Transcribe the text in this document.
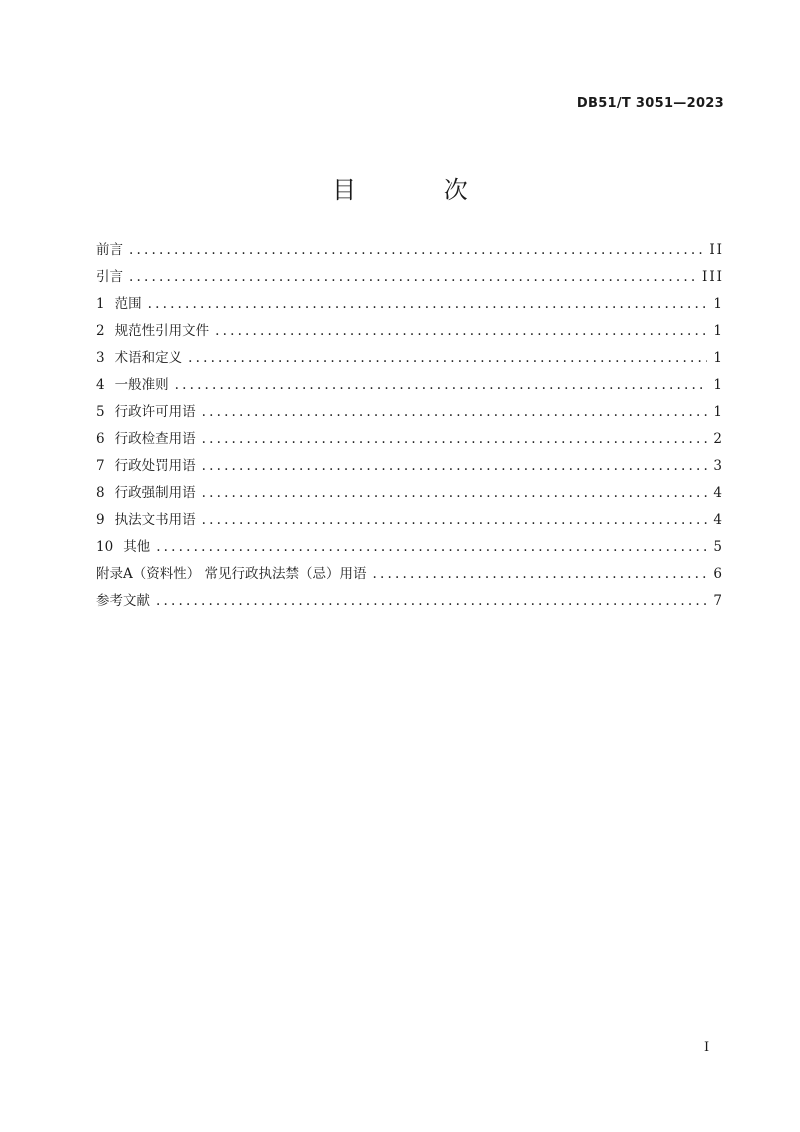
DB51/T 3051—2023
目 次
前言 .....	II
引言 .....	III
1 范围 .....	1
2 规范性引用文件 .....	1
3 术语和定义 .....	1
4 一般准则 .....	1
5 行政许可用语 .....	1
6 行政检查用语 .....	2
7 行政处罚用语 .....	3
8 行政强制用语 .....	4
9 执法文书用语 .....	4
10 其他 .....	5
附录A（资料性） 常见行政执法禁（忌）用语 .....	6
参考文献 .....	7
I
